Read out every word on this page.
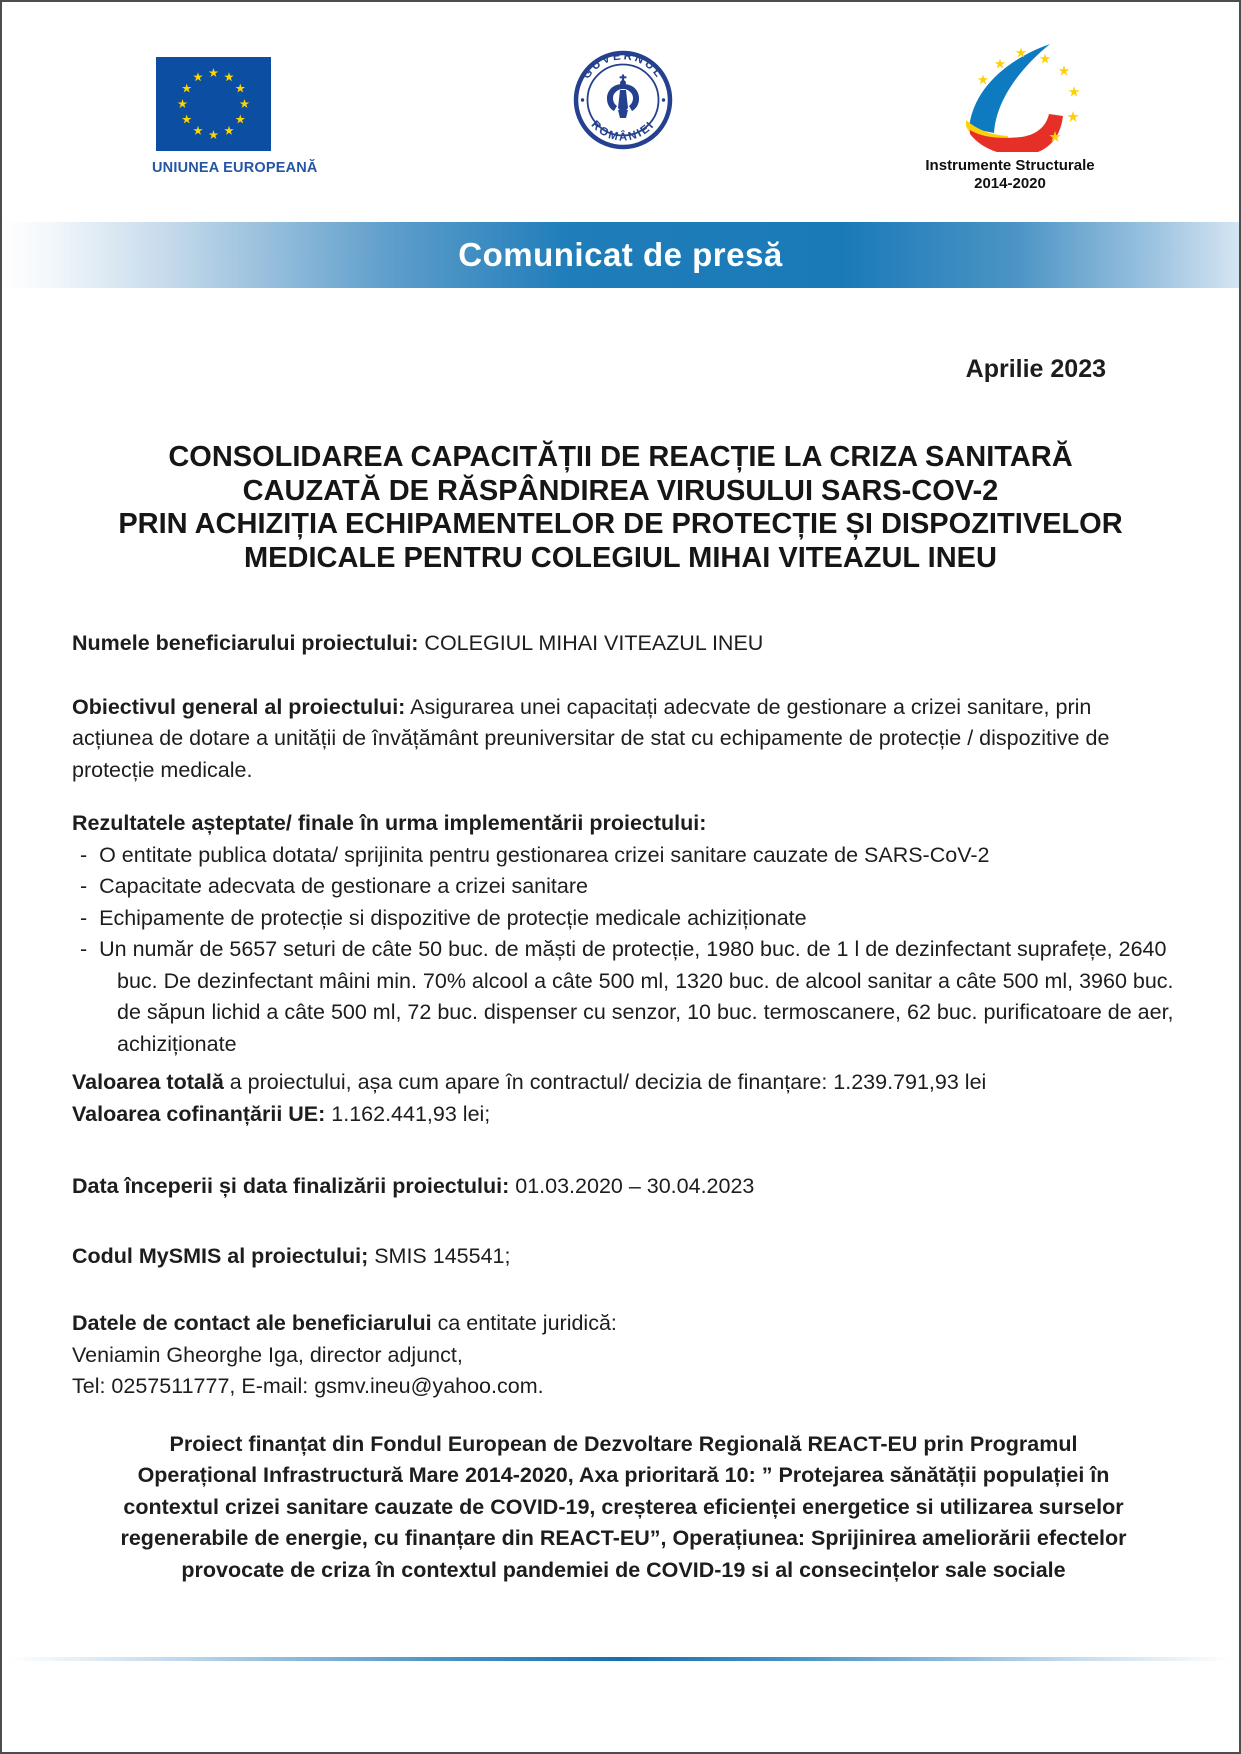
UNIUNEA EUROPEANĂ
GUVERNUL
ROMÂNIEI
Instrumente Structurale
2014-2020
Comunicat de presă
Aprilie 2023
CONSOLIDAREA CAPACITĂȚII DE REACȚIE LA CRIZA SANITARĂ
CAUZATĂ DE RĂSPÂNDIREA VIRUSULUI SARS-COV-2
PRIN ACHIZIȚIA ECHIPAMENTELOR DE PROTECȚIE ȘI DISPOZITIVELOR
MEDICALE PENTRU COLEGIUL MIHAI VITEAZUL INEU

Numele beneficiarului proiectului: COLEGIUL MIHAI VITEAZUL INEU

Obiectivul general al proiectului: Asigurarea unei capacitați adecvate de gestionare a crizei sanitare, prin acțiunea de dotare a unității de învățământ preuniversitar de stat cu echipamente de protecție / dispozitive de protecție medicale.

Rezultatele așteptate/ finale în urma implementării proiectului:

-  O entitate publica dotata/ sprijinita pentru gestionarea crizei sanitare cauzate de SARS-CoV-2
-  Capacitate adecvata de gestionare a crizei sanitare
-  Echipamente de protecție si dispozitive de protecție medicale achiziționate
-  Un număr de 5657 seturi de câte 50 buc. de măști de protecție, 1980 buc. de 1 l de dezinfectant suprafețe, 2640 buc. De dezinfectant mâini min. 70% alcool a câte 500 ml, 1320 buc. de alcool sanitar a câte 500 ml, 3960 buc. de săpun lichid a câte 500 ml, 72 buc. dispenser cu senzor, 10 buc. termoscanere, 62 buc. purificatoare de aer, achiziționate

Valoarea totală a proiectului, așa cum apare în contractul/ decizia de finanțare: 1.239.791,93 lei
Valoarea cofinanțării UE: 1.162.441,93 lei;

Data începerii și data finalizării proiectului: 01.03.2020 – 30.04.2023

Codul MySMIS al proiectului; SMIS 145541;

Datele de contact ale beneficiarului ca entitate juridică:
Veniamin Gheorghe Iga, director adjunct,
Tel: 0257511777, E-mail: gsmv.ineu@yahoo.com.

Proiect finanțat din Fondul European de Dezvoltare Regională REACT-EU prin Programul Operațional Infrastructură Mare 2014-2020, Axa prioritară 10: ” Protejarea sănătății populației în contextul crizei sanitare cauzate de COVID-19, creșterea eficienței energetice si utilizarea surselor regenerabile de energie, cu finanțare din REACT-EU”, Operațiunea: Sprijinirea ameliorării efectelor provocate de criza în contextul pandemiei de COVID-19 si al consecințelor sale sociale
